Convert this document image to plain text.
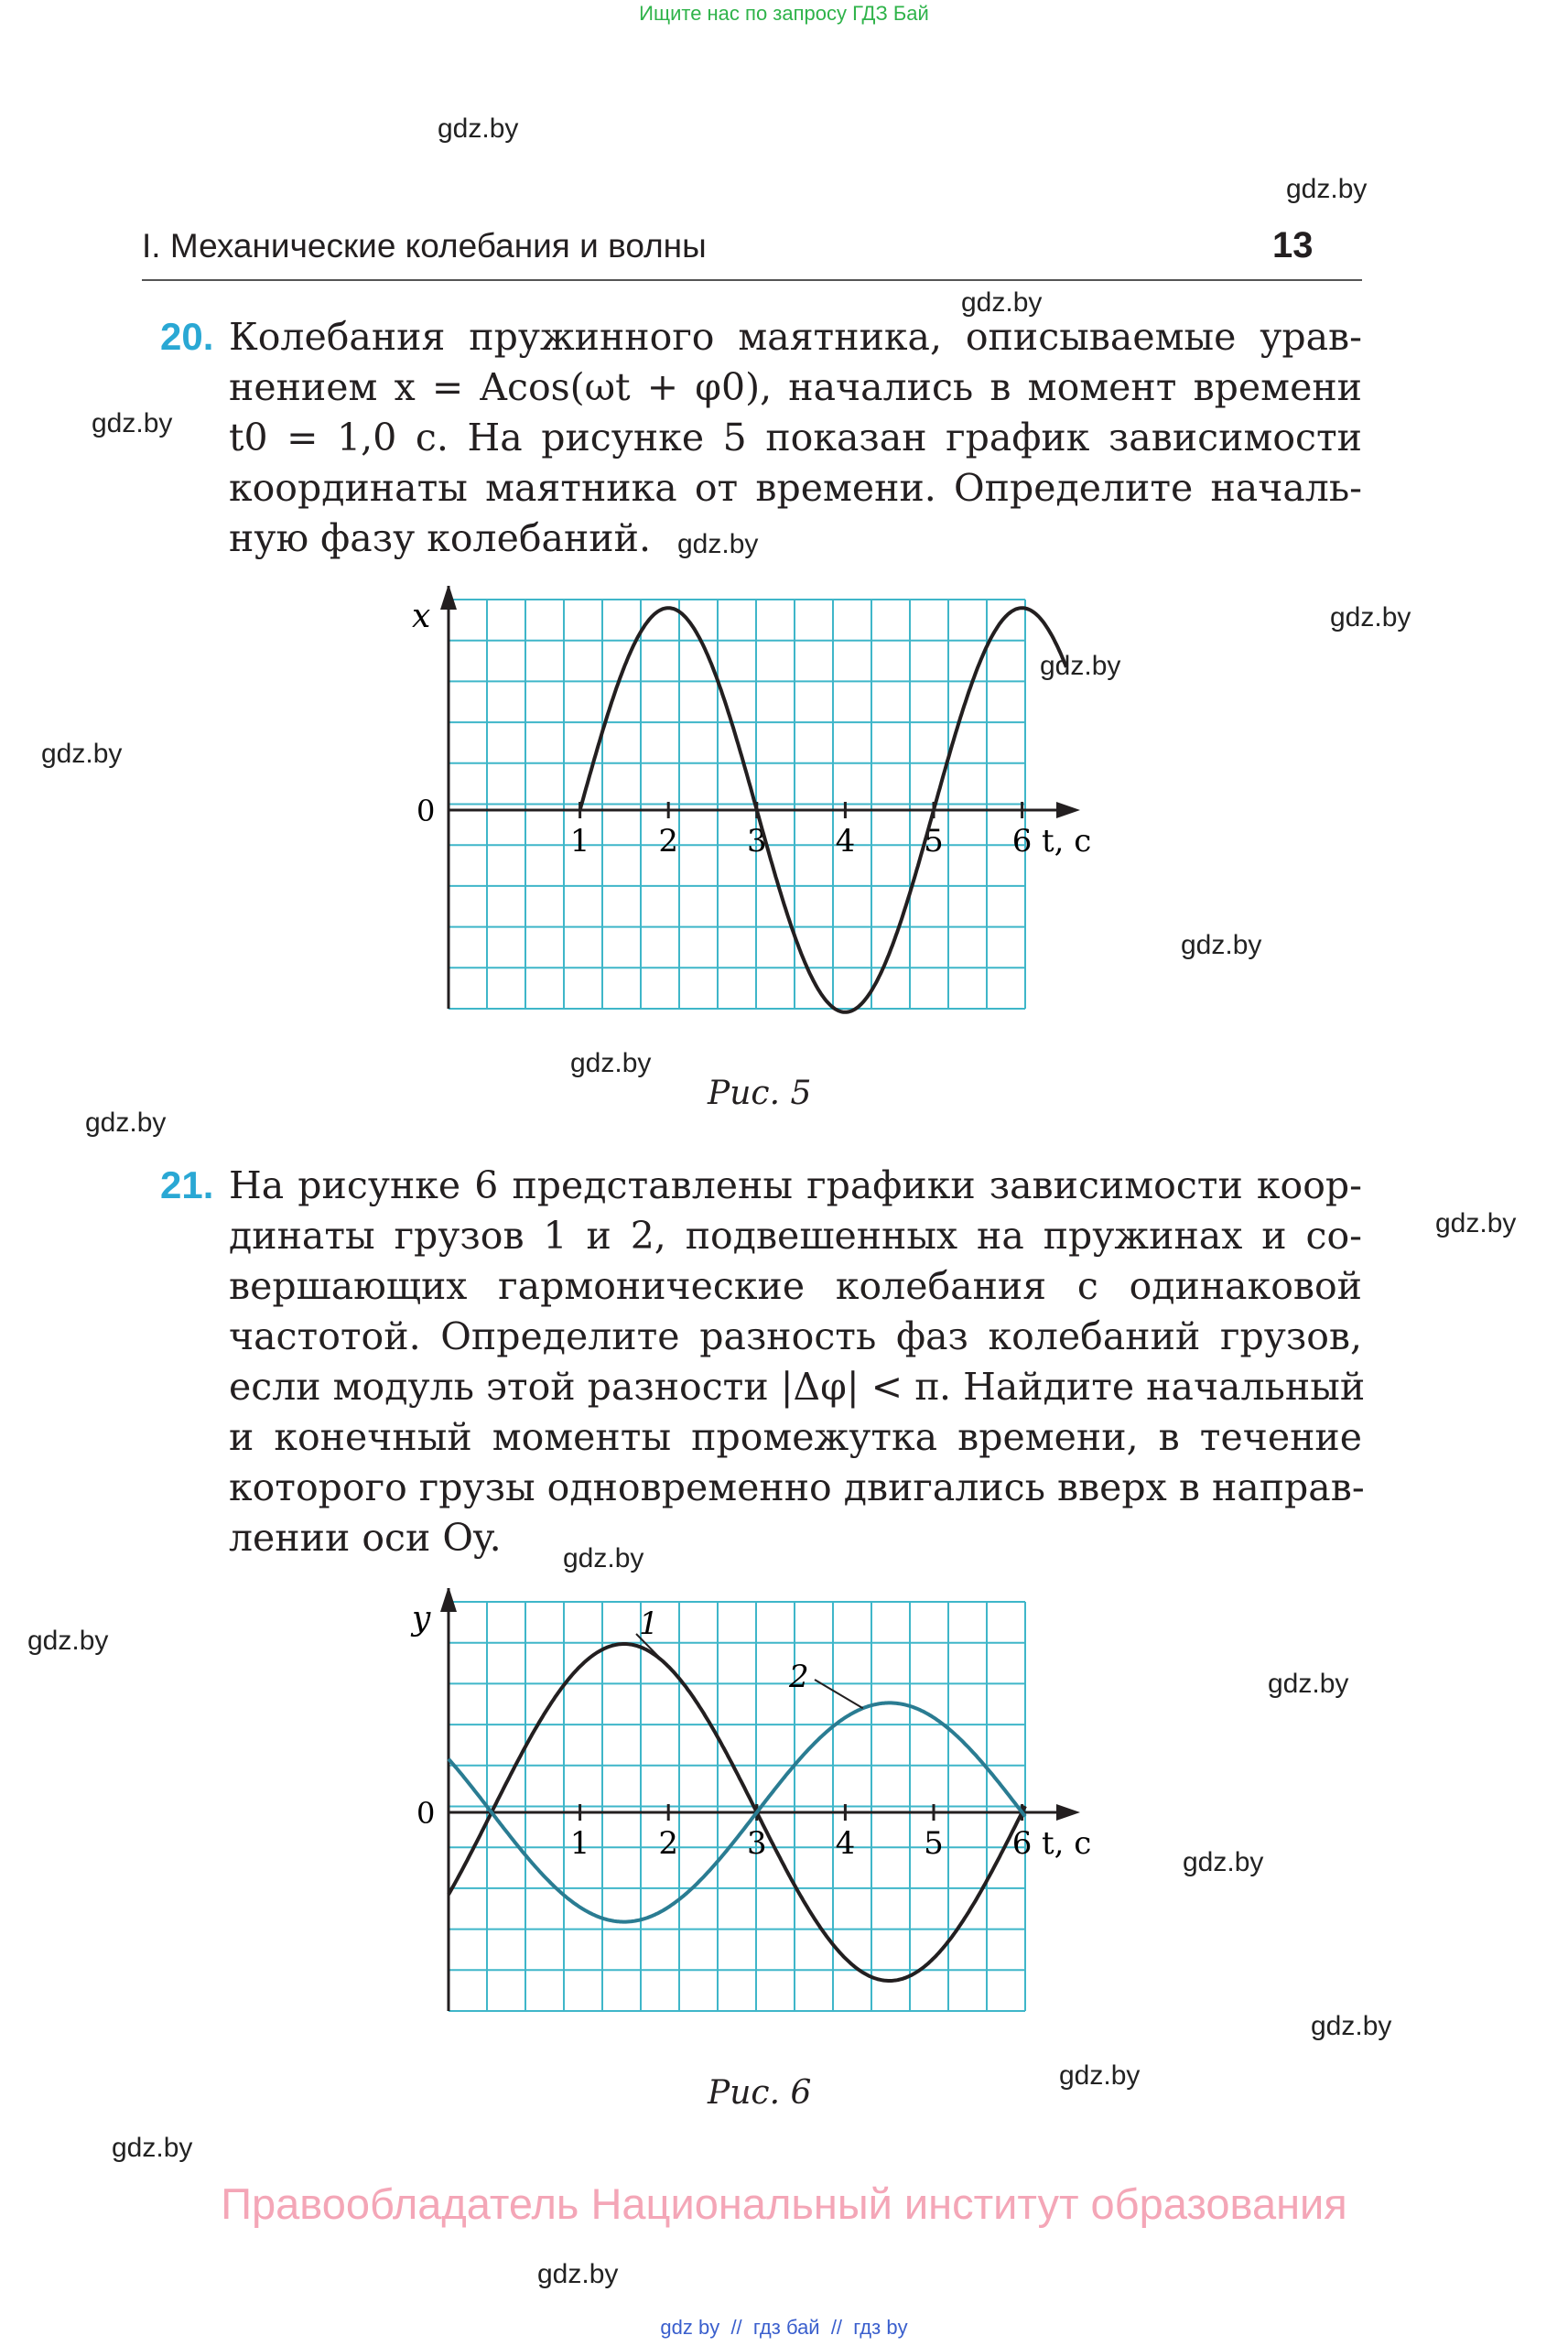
Ищите нас по запросу ГДЗ Бай
gdz.by
gdz.by
gdz.by
gdz.by
gdz.by
gdz.by
gdz.by
gdz.by
gdz.by
gdz.by
gdz.by
gdz.by
gdz.by
gdz.by
gdz.by
gdz.by
gdz.by
gdz.by
gdz.by
gdz.by
I. Механические колебания и волны	13
20. Колебания пружинного маятника, описываемые урав-
нением x = Acos(ωt + φ0), начались в момент времени
t0 = 1,0 с. На рисунке 5 показан график зависимости
координаты маятника от времени. Определите началь-
ную фазу колебаний.
1 2 3 4 5 6
x
0
t, с
Рис. 5
21. На рисунке 6 представлены графики зависимости коор-
динаты грузов 1 и 2, подвешенных на пружинах и со-
вершающих гармонические колебания с одинаковой
частотой. Определите разность фаз колебаний грузов,
если модуль этой разности |Δφ| < π. Найдите начальный
и конечный моменты промежутка времени, в течение
которого грузы одновременно двигались вверх в направ-
лении оси Oy.
1 2 3 4 5 6
1
2
y
0
t, с
Рис. 6
Правообладатель Национальный институт образования
gdz by  //  гдз бай  //  гдз by
